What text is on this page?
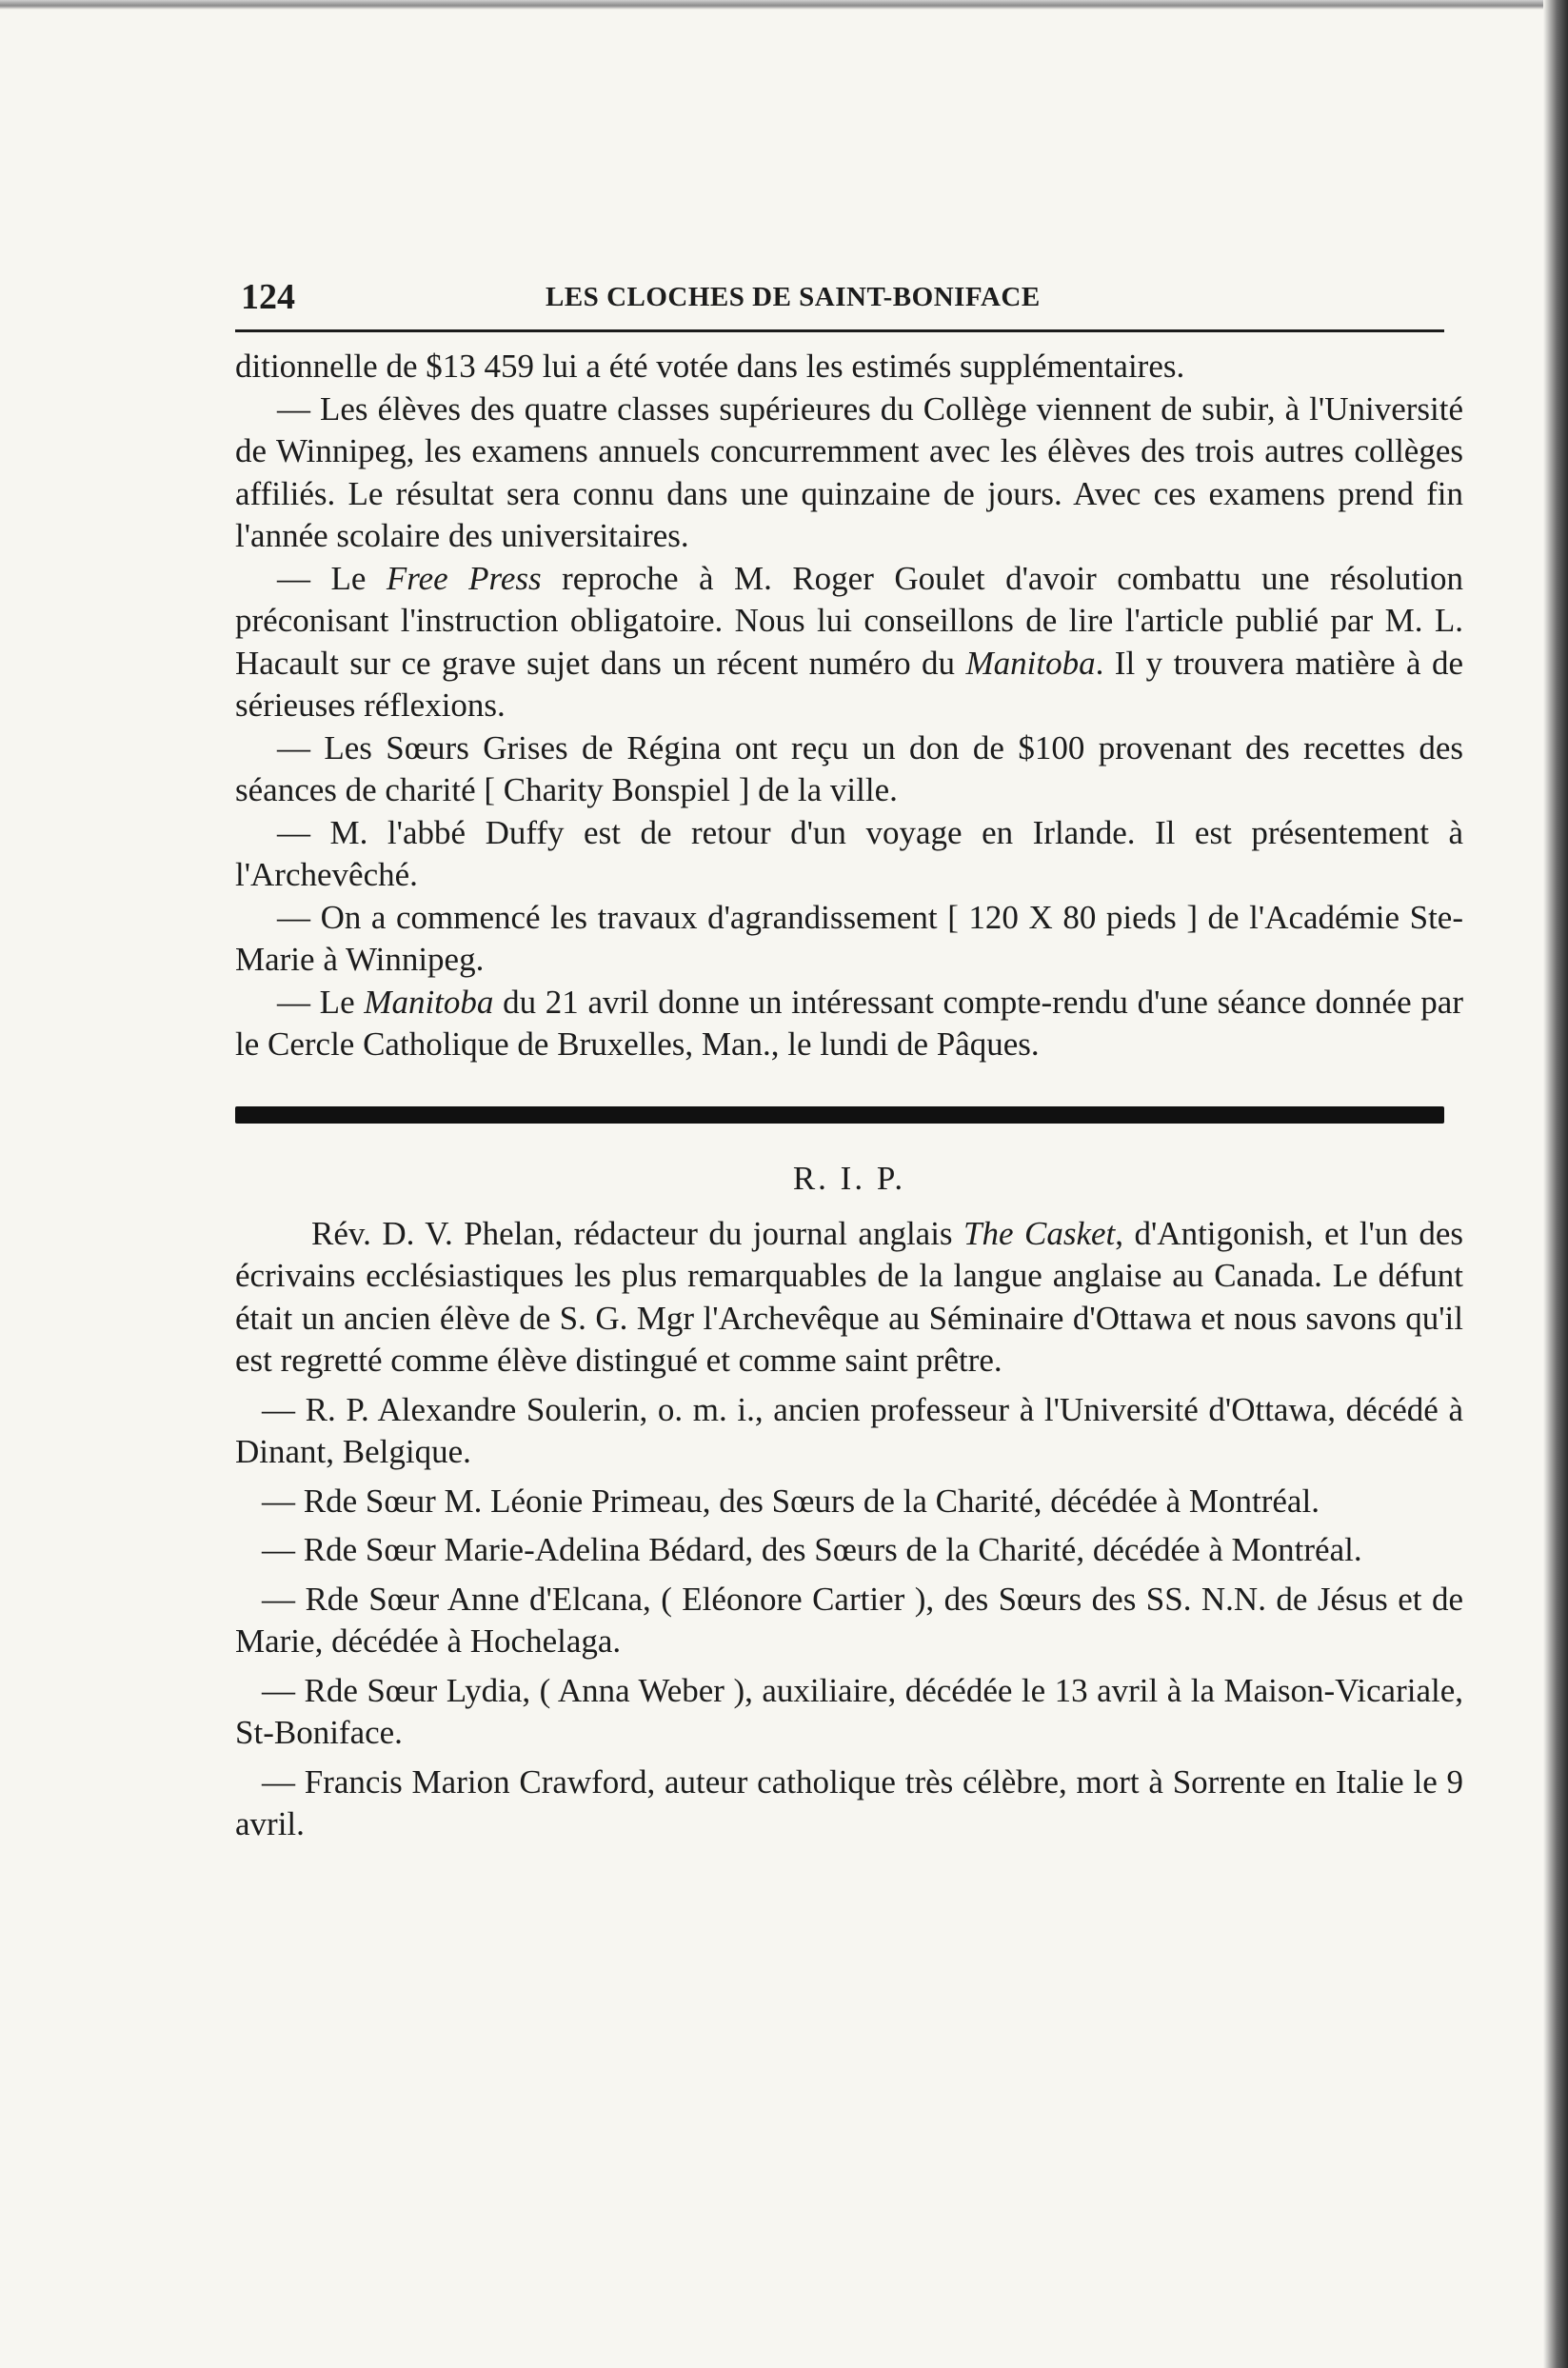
124	LES CLOCHES DE SAINT-BONIFACE

ditionnelle de $13 459 lui a été votée dans les estimés supplémentaires.

— Les élèves des quatre classes supérieures du Collège viennent de subir, à l'Université de Winnipeg, les examens annuels concurremment avec les élèves des trois autres collèges affiliés. Le résultat sera connu dans une quinzaine de jours. Avec ces examens prend fin l'année scolaire des universitaires.

— Le Free Press reproche à M. Roger Goulet d'avoir combattu une résolution préconisant l'instruction obligatoire. Nous lui conseillons de lire l'article publié par M. L. Hacault sur ce grave sujet dans un récent numéro du Manitoba. Il y trouvera matière à de sérieuses réflexions.

— Les Sœurs Grises de Régina ont reçu un don de $100 provenant des recettes des séances de charité [ Charity Bonspiel ] de la ville.

— M. l'abbé Duffy est de retour d'un voyage en Irlande. Il est présentement à l'Archevêché.

— On a commencé les travaux d'agrandissement [ 120 X 80 pieds ] de l'Académie Ste-Marie à Winnipeg.

— Le Manitoba du 21 avril donne un intéressant compte-rendu d'une séance donnée par le Cercle Catholique de Bruxelles, Man., le lundi de Pâques.

R. I. P.

Rév. D. V. Phelan, rédacteur du journal anglais The Casket, d'Antigonish, et l'un des écrivains ecclésiastiques les plus remarquables de la langue anglaise au Canada. Le défunt était un ancien élève de S. G. Mgr l'Archevêque au Séminaire d'Ottawa et nous savons qu'il est regretté comme élève distingué et comme saint prêtre.

— R. P. Alexandre Soulerin, o. m. i., ancien professeur à l'Université d'Ottawa, décédé à Dinant, Belgique.

— Rde Sœur M. Léonie Primeau, des Sœurs de la Charité, décédée à Montréal.

— Rde Sœur Marie-Adelina Bédard, des Sœurs de la Charité, décédée à Montréal.

— Rde Sœur Anne d'Elcana, ( Eléonore Cartier ), des Sœurs des SS. N.N. de Jésus et de Marie, décédée à Hochelaga.

— Rde Sœur Lydia, ( Anna Weber ), auxiliaire, décédée le 13 avril à la Maison-Vicariale, St-Boniface.

— Francis Marion Crawford, auteur catholique très célèbre, mort à Sorrente en Italie le 9 avril.
